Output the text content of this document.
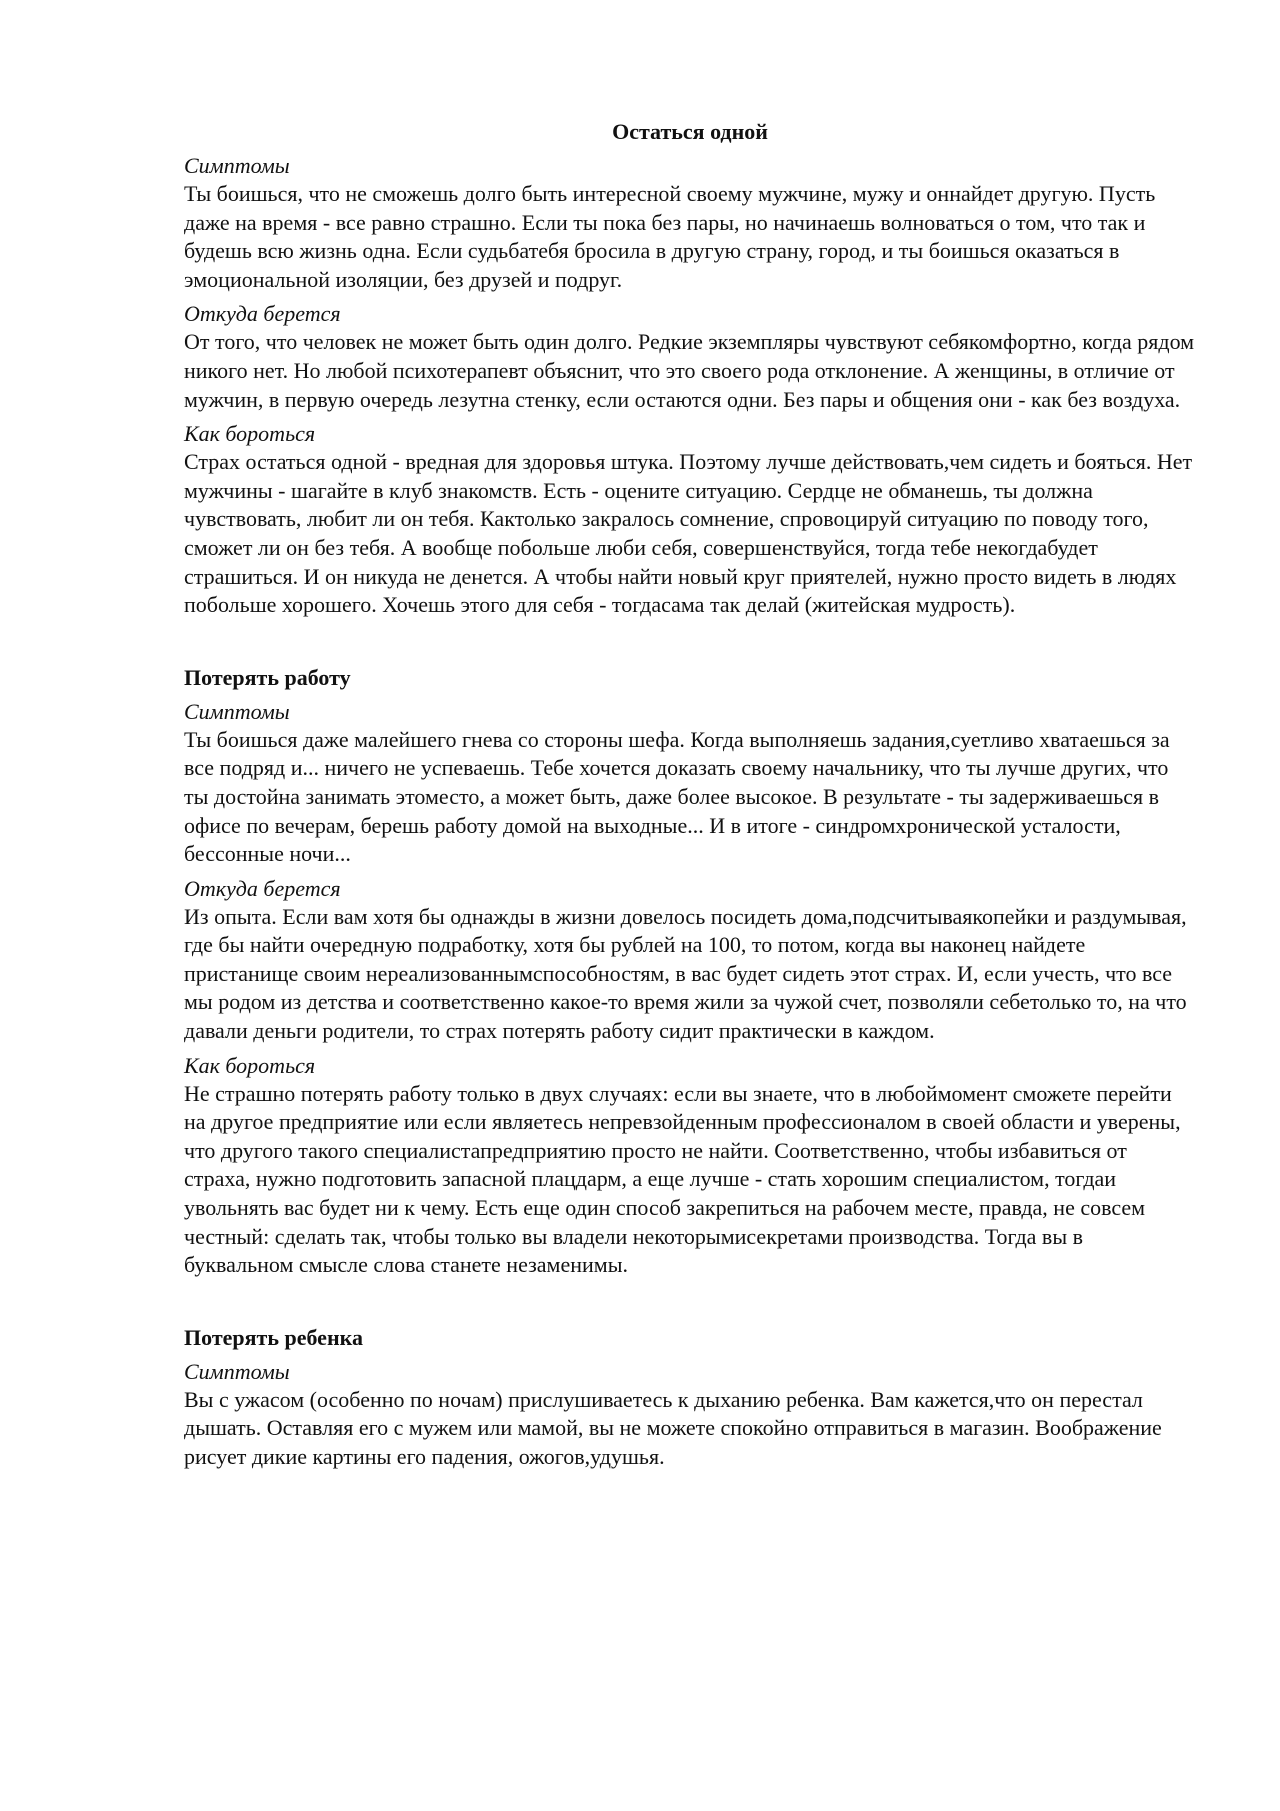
Остаться одной

Симптомы

Ты боишься, что не сможешь долго быть интересной своему мужчине, мужу и оннайдет другую. Пусть даже на время - все равно страшно. Если ты пока без пары, но начинаешь волноваться о том, что так и будешь всю жизнь одна. Если судьбатебя бросила в другую страну, город, и ты боишься оказаться в эмоциональной изоляции, без друзей и подруг.

Откуда берется

От того, что человек не может быть один долго. Редкие экземпляры чувствуют себякомфортно, когда рядом никого нет. Но любой психотерапевт объяснит, что это своего рода отклонение. А женщины, в отличие от мужчин, в первую очередь лезутна стенку, если остаются одни. Без пары и общения они - как без воздуха.

Как бороться

Страх остаться одной - вредная для здоровья штука. Поэтому лучше действовать,чем сидеть и бояться. Нет мужчины - шагайте в клуб знакомств. Есть - оцените ситуацию. Сердце не обманешь, ты должна чувствовать, любит ли он тебя. Кактолько закралось сомнение, спровоцируй ситуацию по поводу того, сможет ли он без тебя. А вообще побольше люби себя, совершенствуйся, тогда тебе некогдабудет страшиться. И он никуда не денется. А чтобы найти новый круг приятелей, нужно просто видеть в людях побольше хорошего. Хочешь этого для себя - тогдасама так делай (житейская мудрость).

Потерять работу

Симптомы

Ты боишься даже малейшего гнева со стороны шефа. Когда выполняешь задания,суетливо хватаешься за все подряд и... ничего не успеваешь. Тебе хочется доказать своему начальнику, что ты лучше других, что ты достойна занимать этоместо, а может быть, даже более высокое. В результате - ты задерживаешься в офисе по вечерам, берешь работу домой на выходные... И в итоге - синдромхронической усталости, бессонные ночи...

Откуда берется

Из опыта. Если вам хотя бы однажды в жизни довелось посидеть дома,подсчитываякопейки и раздумывая, где бы найти очередную подработку, хотя бы рублей на 100, то потом, когда вы наконец найдете пристанище своим нереализованнымспособностям, в вас будет сидеть этот страх. И, если учесть, что все мы родом из детства и соответственно какое-то время жили за чужой счет, позволяли себетолько то, на что давали деньги родители, то страх потерять работу сидит практически в каждом.

Как бороться

Не страшно потерять работу только в двух случаях: если вы знаете, что в любоймомент сможете перейти на другое предприятие или если являетесь непревзойденным профессионалом в своей области и уверены, что другого такого специалистапредприятию просто не найти. Соответственно, чтобы избавиться от страха, нужно подготовить запасной плацдарм, а еще лучше - стать хорошим специалистом, тогдаи увольнять вас будет ни к чему. Есть еще один способ закрепиться на рабочем месте, правда, не совсем честный: сделать так, чтобы только вы владели некоторымисекретами производства. Тогда вы в буквальном смысле слова станете незаменимы.

Потерять ребенка

Симптомы

Вы с ужасом (особенно по ночам) прислушиваетесь к дыханию ребенка. Вам кажется,что он перестал дышать. Оставляя его с мужем или мамой, вы не можете спокойно отправиться в магазин. Воображение рисует дикие картины его падения, ожогов,удушья.
